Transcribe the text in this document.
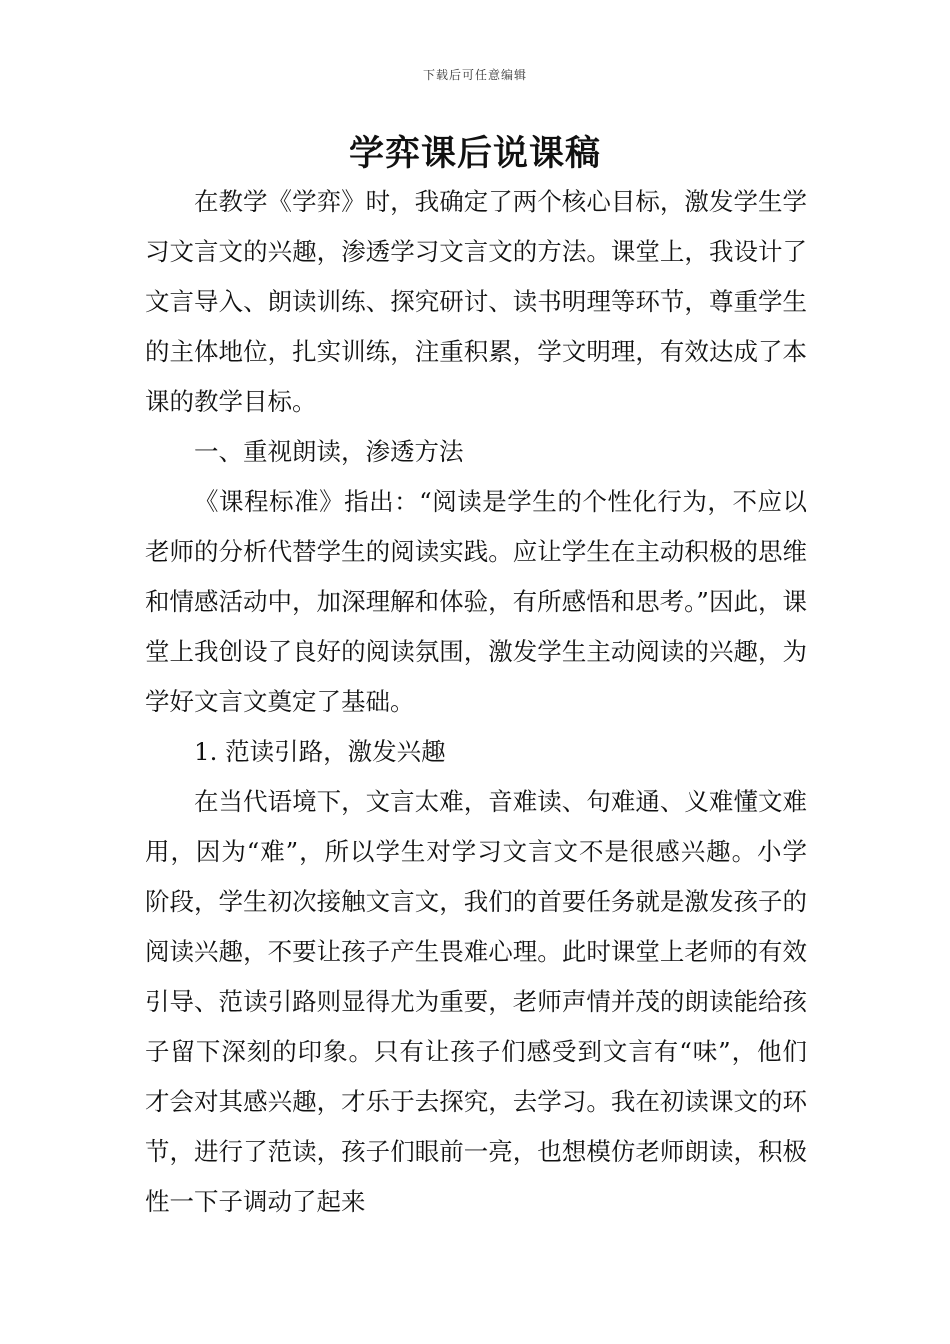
下载后可任意编辑
学弈课后说课稿

在教学《学弈》时，我确定了两个核心目标，激发学生学习文言文的兴趣，渗透学习文言文的方法。课堂上，我设计了文言导入、朗读训练、探究研讨、读书明理等环节，尊重学生的主体地位，扎实训练，注重积累，学文明理，有效达成了本课的教学目标。

一、重视朗读，渗透方法

《课程标准》指出：“阅读是学生的个性化行为，不应以老师的分析代替学生的阅读实践。应让学生在主动积极的思维和情感活动中，加深理解和体验，有所感悟和思考。”因此，课堂上我创设了良好的阅读氛围，激发学生主动阅读的兴趣，为学好文言文奠定了基础。

1. 范读引路，激发兴趣

在当代语境下，文言太难，音难读、句难通、义难懂文难用，因为“难”，所以学生对学习文言文不是很感兴趣。小学阶段，学生初次接触文言文，我们的首要任务就是激发孩子的阅读兴趣，不要让孩子产生畏难心理。此时课堂上老师的有效引导、范读引路则显得尤为重要，老师声情并茂的朗读能给孩子留下深刻的印象。只有让孩子们感受到文言有“味”，他们才会对其感兴趣，才乐于去探究，去学习。我在初读课文的环节，进行了范读，孩子们眼前一亮，也想模仿老师朗读，积极性一下子调动了起来
